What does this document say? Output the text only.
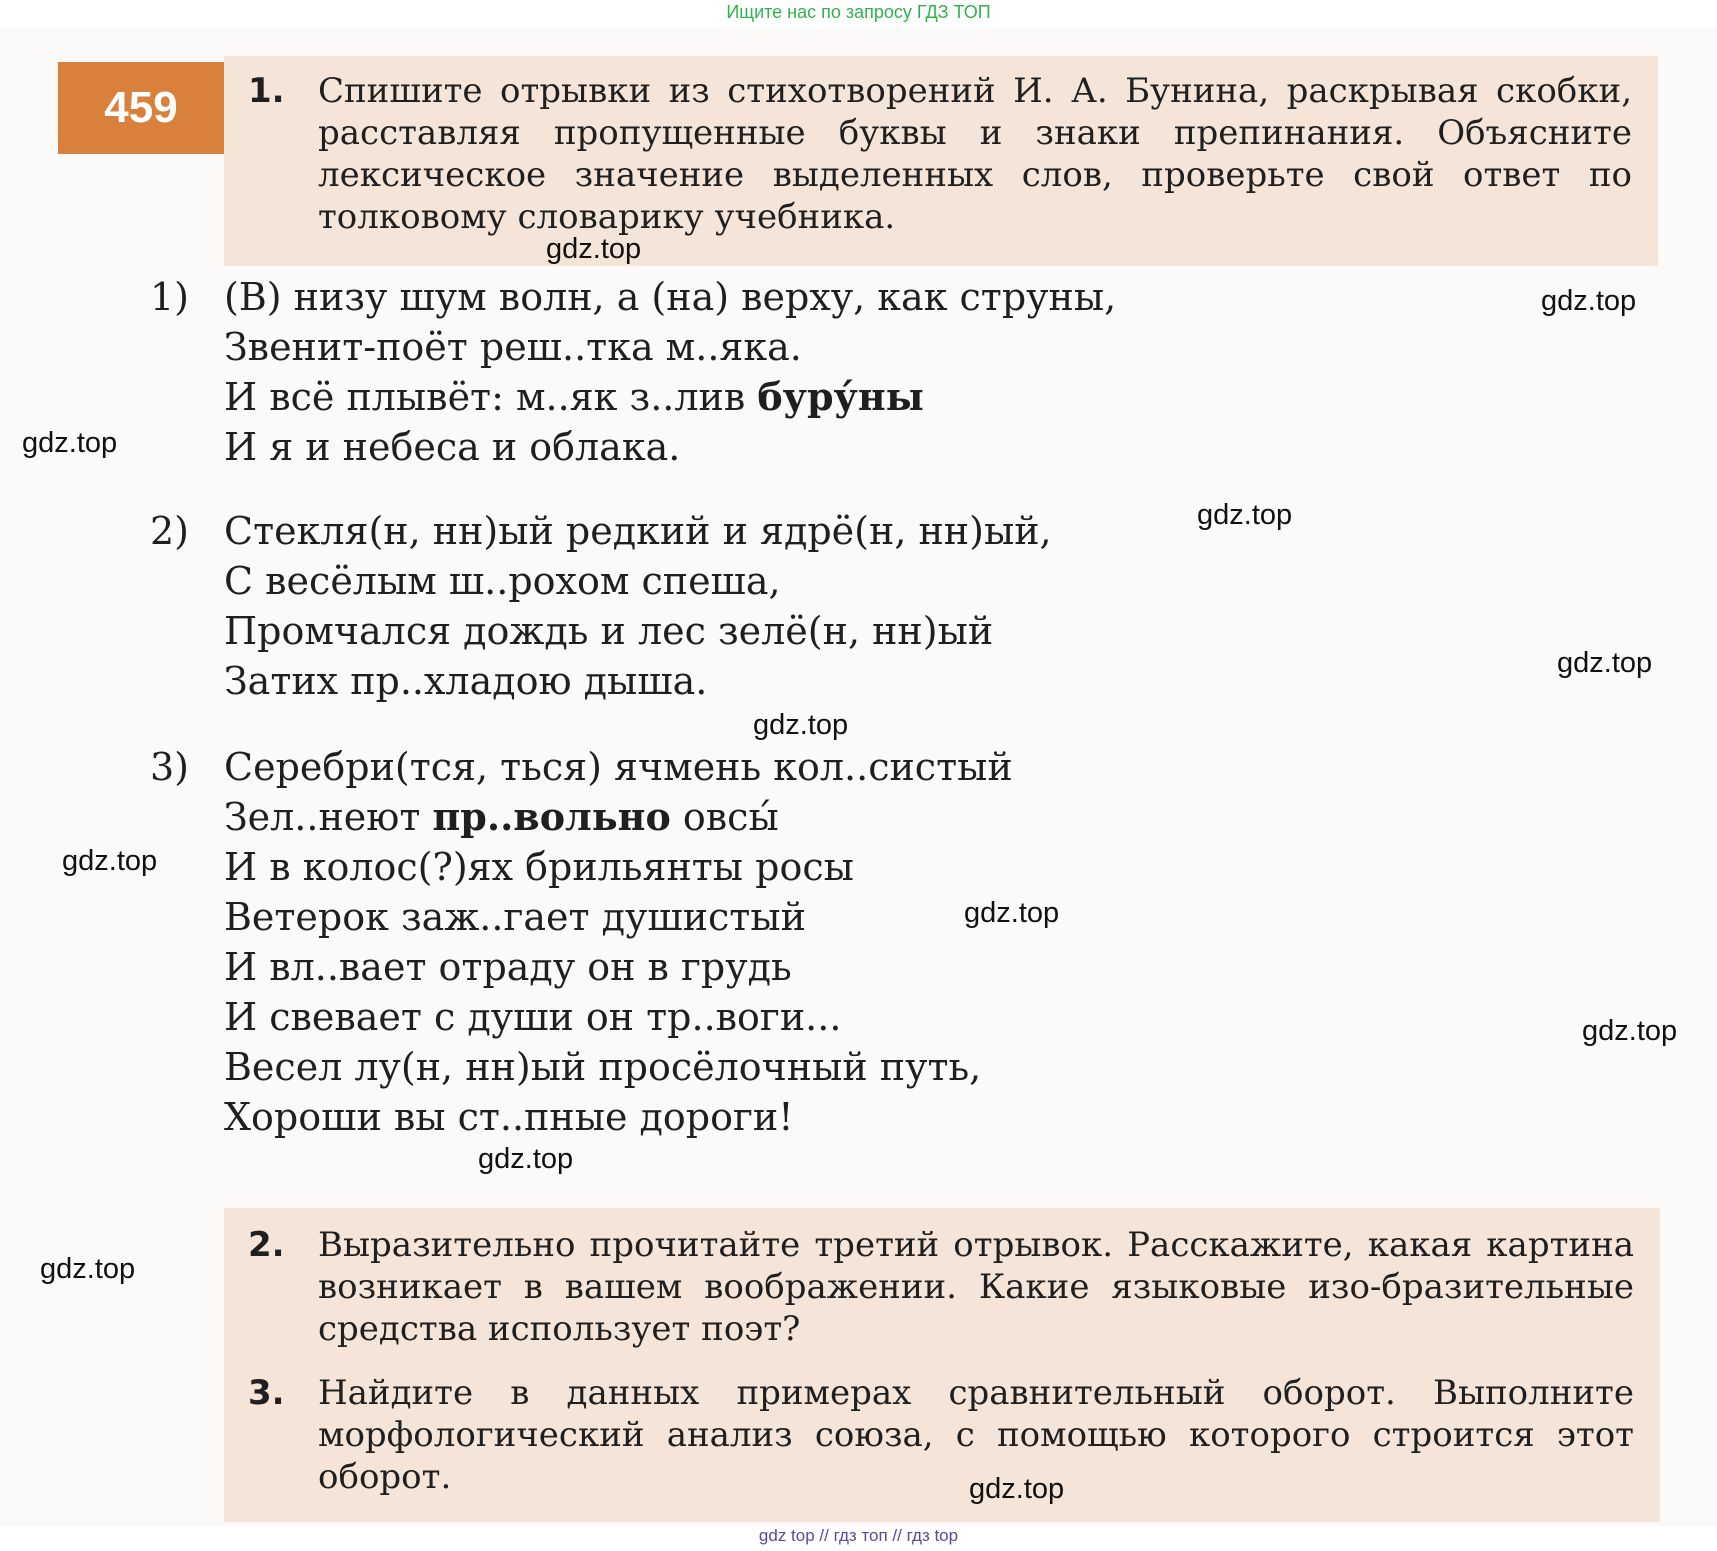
Ищите нас по запросу ГДЗ ТОП
459	1. Спишите отрывки из стихотворений И. А. Бунина, раскрывая скобки, расставляя пропущенные буквы и знаки препинания. Объясните лексическое значение выделенных слов, проверьте свой ответ по толковому словарику учебника.
1) (В) низу шум волн, а (на) верху, как струны,
Звенит-поёт реш..тка м..яка.
И всё плывёт: м..як з..лив буру́ны
И я и небеса и облака.
2) Стекля(н, нн)ый редкий и ядрё(н, нн)ый,
С весёлым ш..рохом спеша,
Промчался дождь и лес зелё(н, нн)ый
Затих пр..хладою дыша.
3) Серебри(тся, ться) ячмень кол..систый
Зел..неют пр..вольно овсы́
И в колос(?)ях брильянты росы
Ветерок заж..гает душистый
И вл..вает отраду он в грудь
И свевает с души он тр..воги...
Весел лу(н, нн)ый просёлочный путь,
Хороши вы ст..пные дороги!
2. Выразительно прочитайте третий отрывок. Расскажите, какая картина возникает в вашем воображении. Какие языковые изо-бразительные средства использует поэт?
3. Найдите в данных примерах сравнительный оборот. Выполните морфологический анализ союза, с помощью которого строится этот оборот.
gdz.top
gdz.top
gdz.top
gdz.top
gdz.top
gdz.top
gdz.top
gdz.top
gdz.top
gdz.top
gdz.top
gdz.top
gdz top // гдз топ // гдз top
